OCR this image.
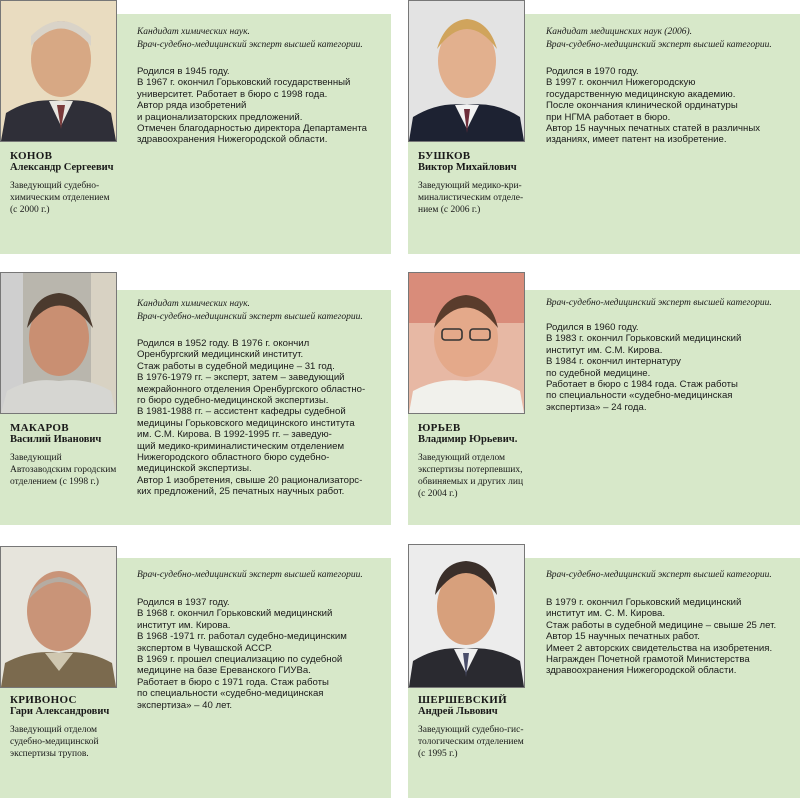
КОНОВ
Александр Сергеевич
Заведующий судебно-
химическим отделением
(с 2000 г.)
БУШКОВ
Виктор Михайлович
Заведующий медико-кри-
миналистическим отделе-
нием (с 2006 г.)
МАКАРОВ
Василий Иванович
Заведующий
Автозаводским городским
отделением (с 1998 г.)
ЮРЬЕВ
Владимир Юрьевич.
Заведующий отделом
экспертизы потерпевших,
обвиняемых и других лиц
(с 2004 г.)
КРИВОНОС
Гари Александрович
Заведующий отделом
судебно-медицинской
экспертизы трупов.
ШЕРШЕВСКИЙ
Андрей Львович
Заведующий судебно-гис-
тологическим отделением
(с 1995 г.)
Кандидат химических наук.
Врач-судебно-медицинский эксперт высшей категории.
Кандидат медицинских наук (2006).
Врач-судебно-медицинский эксперт высшей категории.
Кандидат химических наук.
Врач-судебно-медицинский эксперт высшей категории.
Врач-судебно-медицинский эксперт высшей категории.
Врач-судебно-медицинский эксперт высшей категории.	Врач-судебно-медицинский эксперт высшей категории.
Родился в 1945 году.
В 1967 г. окончил Горьковский государственный
университет. Работает в бюро с 1998 года.
Автор ряда изобретений
и рационализаторских предложений.
Отмечен благодарностью директора Департамента
здравоохранения Нижегородской области.
Родился в 1970 году.
В 1997 г. окончил Нижегородскую
государственную медицинскую академию.
После окончания клинической ординатуры
при НГМА работает в бюро.
Автор 15 научных печатных статей в различных
изданиях, имеет патент на изобретение.
Родился в 1952 году. В 1976 г. окончил
Оренбургский медицинский институт.
Стаж работы в судебной медицине – 31 год.
В 1976-1979 гг. – эксперт, затем – заведующий
межрайонного отделения Оренбургского областно-
го бюро судебно-медицинской экспертизы.
В 1981-1988 гг. – ассистент кафедры судебной
медицины Горьковского медицинского института
им. С.М. Кирова. В 1992-1995 гг. – заведую-
щий медико-криминалистическим отделением
Нижегородского областного бюро судебно-
медицинской экспертизы.
Автор 1 изобретения, свыше 20 рационализаторс-
ких предложений, 25 печатных научных работ.
Родился в 1960 году.
В 1983 г. окончил Горьковский медицинский
институт им. С.М. Кирова.
В 1984 г. окончил интернатуру
по судебной медицине.
Работает в бюро с 1984 года. Стаж работы
по специальности «судебно-медицинская
экспертиза» – 24 года.
Родился в 1937 году.
В 1968 г. окончил Горьковский медицинский
институт им. Кирова.
В 1968 -1971 гг. работал судебно-медицинским
экспертом в Чувашской АССР.
В 1969 г. прошел специализацию по судебной
медицине на базе Ереванского ГИУВа.
Работает в бюро с 1971 года. Стаж работы
по специальности «судебно-медицинская
экспертиза» – 40 лет.
В 1979 г. окончил Горьковский медицинский
институт им. С. М. Кирова.
Стаж работы в судебной медицине – свыше 25 лет.
Автор 15 научных печатных работ.
Имеет 2 авторских свидетельства на изобретения.
Награжден Почетной грамотой Министерства
здравоохранения Нижегородской области.
